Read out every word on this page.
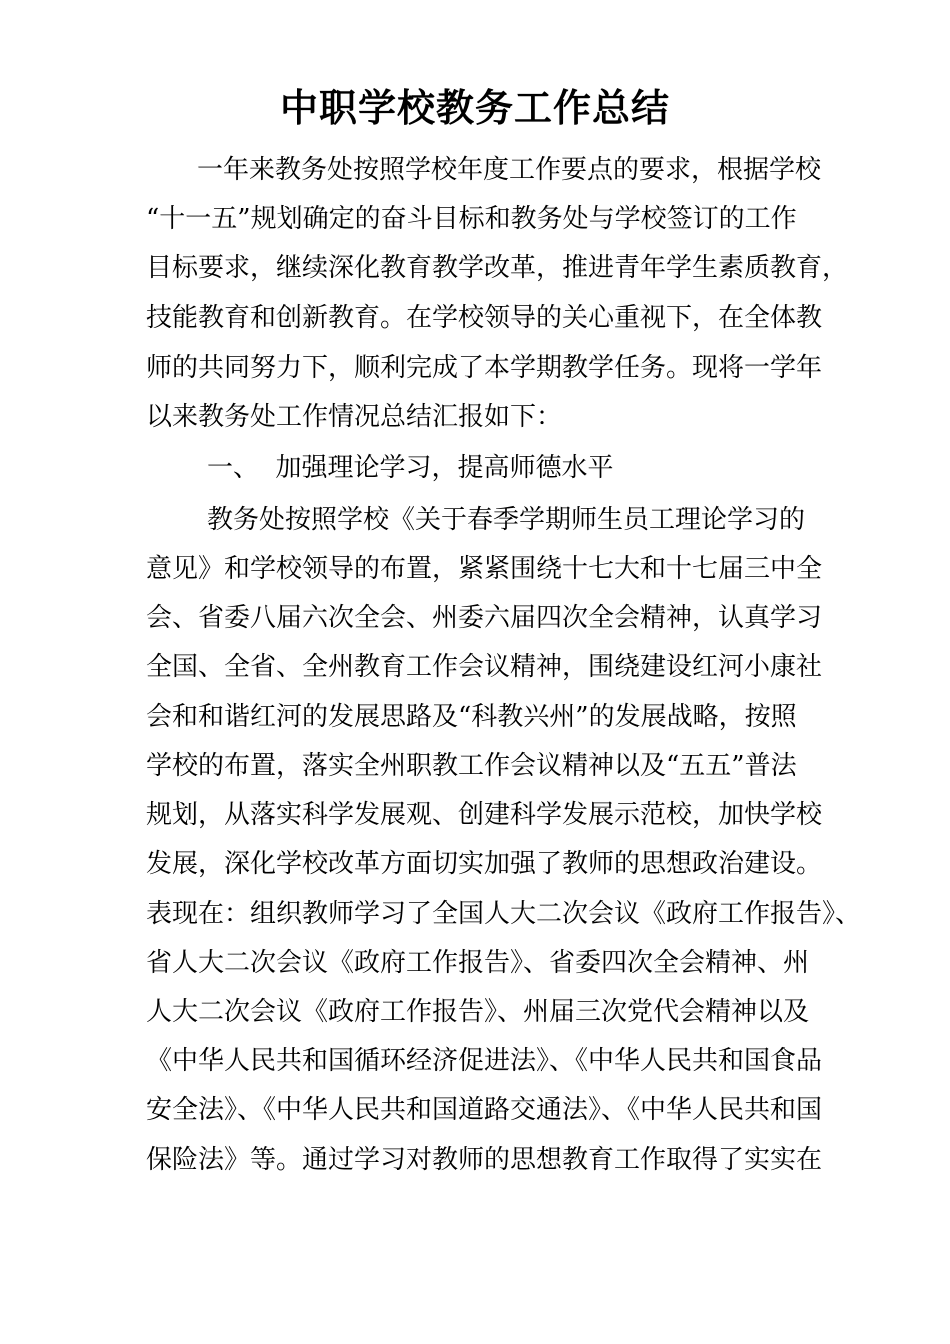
中职学校教务工作总结
一年来教务处按照学校年度工作要点的要求，根据学校
“十一五”规划确定的奋斗目标和教务处与学校签订的工作
目标要求，继续深化教育教学改革，推进青年学生素质教育，
技能教育和创新教育。在学校领导的关心重视下，在全体教
师的共同努力下，顺利完成了本学期教学任务。现将一学年
以来教务处工作情况总结汇报如下：
一、  加强理论学习，提高师德水平
教务处按照学校《关于春季学期师生员工理论学习的
意见》和学校领导的布置，紧紧围绕十七大和十七届三中全
会、省委八届六次全会、州委六届四次全会精神，认真学习
全国、全省、全州教育工作会议精神，围绕建设红河小康社
会和和谐红河的发展思路及“科教兴州”的发展战略，按照
学校的布置，落实全州职教工作会议精神以及“五五”普法
规划，从落实科学发展观、创建科学发展示范校，加快学校
发展，深化学校改革方面切实加强了教师的思想政治建设。
表现在：组织教师学习了全国人大二次会议《政府工作报告》、
省人大二次会议《政府工作报告》、省委四次全会精神、州
人大二次会议《政府工作报告》、州届三次党代会精神以及
《中华人民共和国循环经济促进法》、《中华人民共和国食品
安全法》、《中华人民共和国道路交通法》、《中华人民共和国
保险法》等。通过学习对教师的思想教育工作取得了实实在
